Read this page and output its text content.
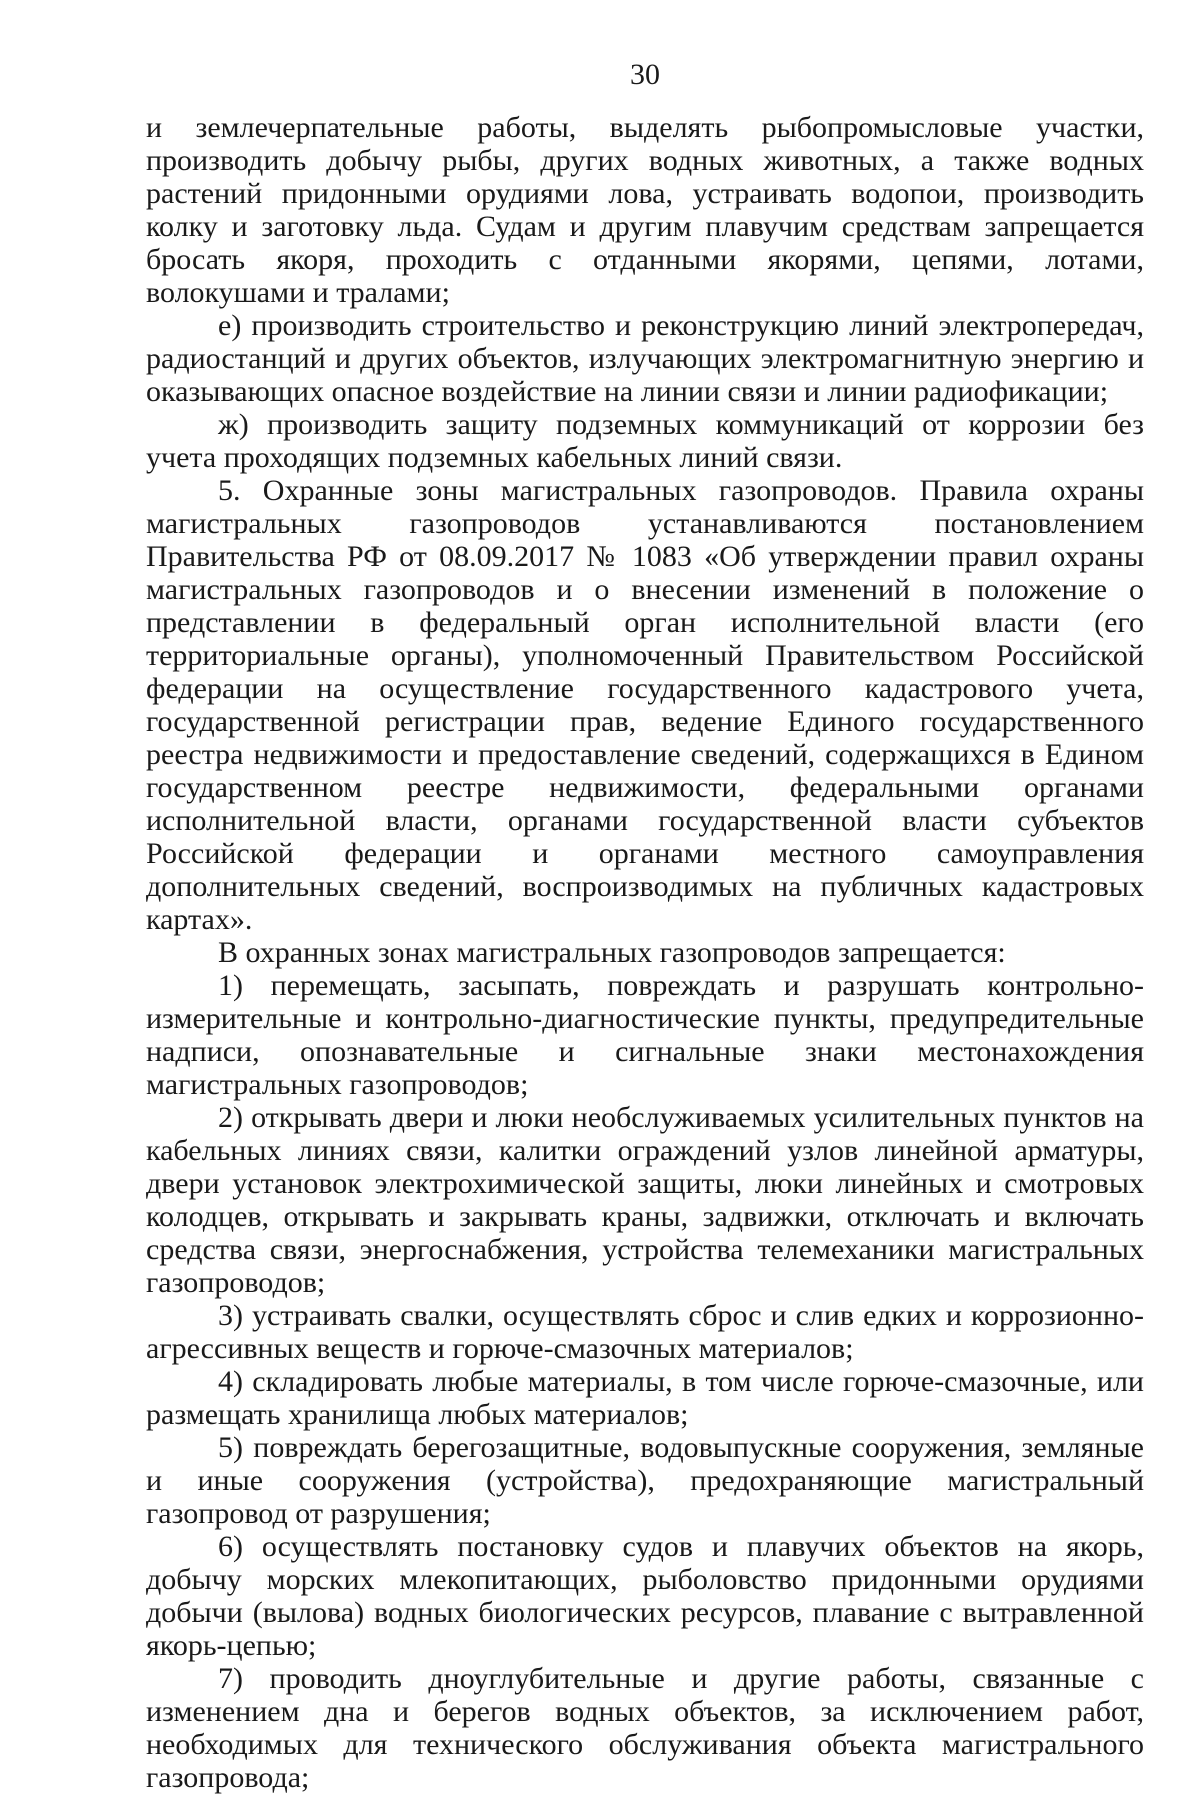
30

и землечерпательные работы, выделять рыбопромысловые участки, производить добычу рыбы, других водных животных, а также водных растений придонными орудиями лова, устраивать водопои, производить колку и заготовку льда. Судам и другим плавучим средствам запрещается бросать якоря, проходить с отданными якорями, цепями, лотами, волокушами и тралами;

е) производить строительство и реконструкцию линий электропередач, радиостанций и других объектов, излучающих электромагнитную энергию и оказывающих опасное воздействие на линии связи и линии радиофикации;

ж) производить защиту подземных коммуникаций от коррозии без учета проходящих подземных кабельных линий связи.

5. Охранные зоны магистральных газопроводов. Правила охраны магистральных газопроводов устанавливаются постановлением Правительства РФ от 08.09.2017 № 1083 «Об утверждении правил охраны магистральных газопроводов и о внесении изменений в положение о представлении в федеральный орган исполнительной власти (его территориальные органы), уполномоченный Правительством Российской федерации на осуществление государственного кадастрового учета, государственной регистрации прав, ведение Единого государственного реестра недвижимости и предоставление сведений, содержащихся в Едином государственном реестре недвижимости, федеральными органами исполнительной власти, органами государственной власти субъектов Российской федерации и органами местного самоуправления дополнительных сведений, воспроизводимых на публичных кадастровых картах».

В охранных зонах магистральных газопроводов запрещается:

1) перемещать, засыпать, повреждать и разрушать контрольно-измерительные и контрольно-диагностические пункты, предупредительные надписи, опознавательные и сигнальные знаки местонахождения магистральных газопроводов;

2) открывать двери и люки необслуживаемых усилительных пунктов на кабельных линиях связи, калитки ограждений узлов линейной арматуры, двери установок электрохимической защиты, люки линейных и смотровых колодцев, открывать и закрывать краны, задвижки, отключать и включать средства связи, энергоснабжения, устройства телемеханики магистральных газопроводов;

3) устраивать свалки, осуществлять сброс и слив едких и коррозионно-агрессивных веществ и горюче-смазочных материалов;

4) складировать любые материалы, в том числе горюче-смазочные, или размещать хранилища любых материалов;

5) повреждать берегозащитные, водовыпускные сооружения, земляные и иные сооружения (устройства), предохраняющие магистральный газопровод от разрушения;

6) осуществлять постановку судов и плавучих объектов на якорь, добычу морских млекопитающих, рыболовство придонными орудиями добычи (вылова) водных биологических ресурсов, плавание с вытравленной якорь-цепью;

7) проводить дноуглубительные и другие работы, связанные с изменением дна и берегов водных объектов, за исключением работ, необходимых для технического обслуживания объекта магистрального газопровода;
